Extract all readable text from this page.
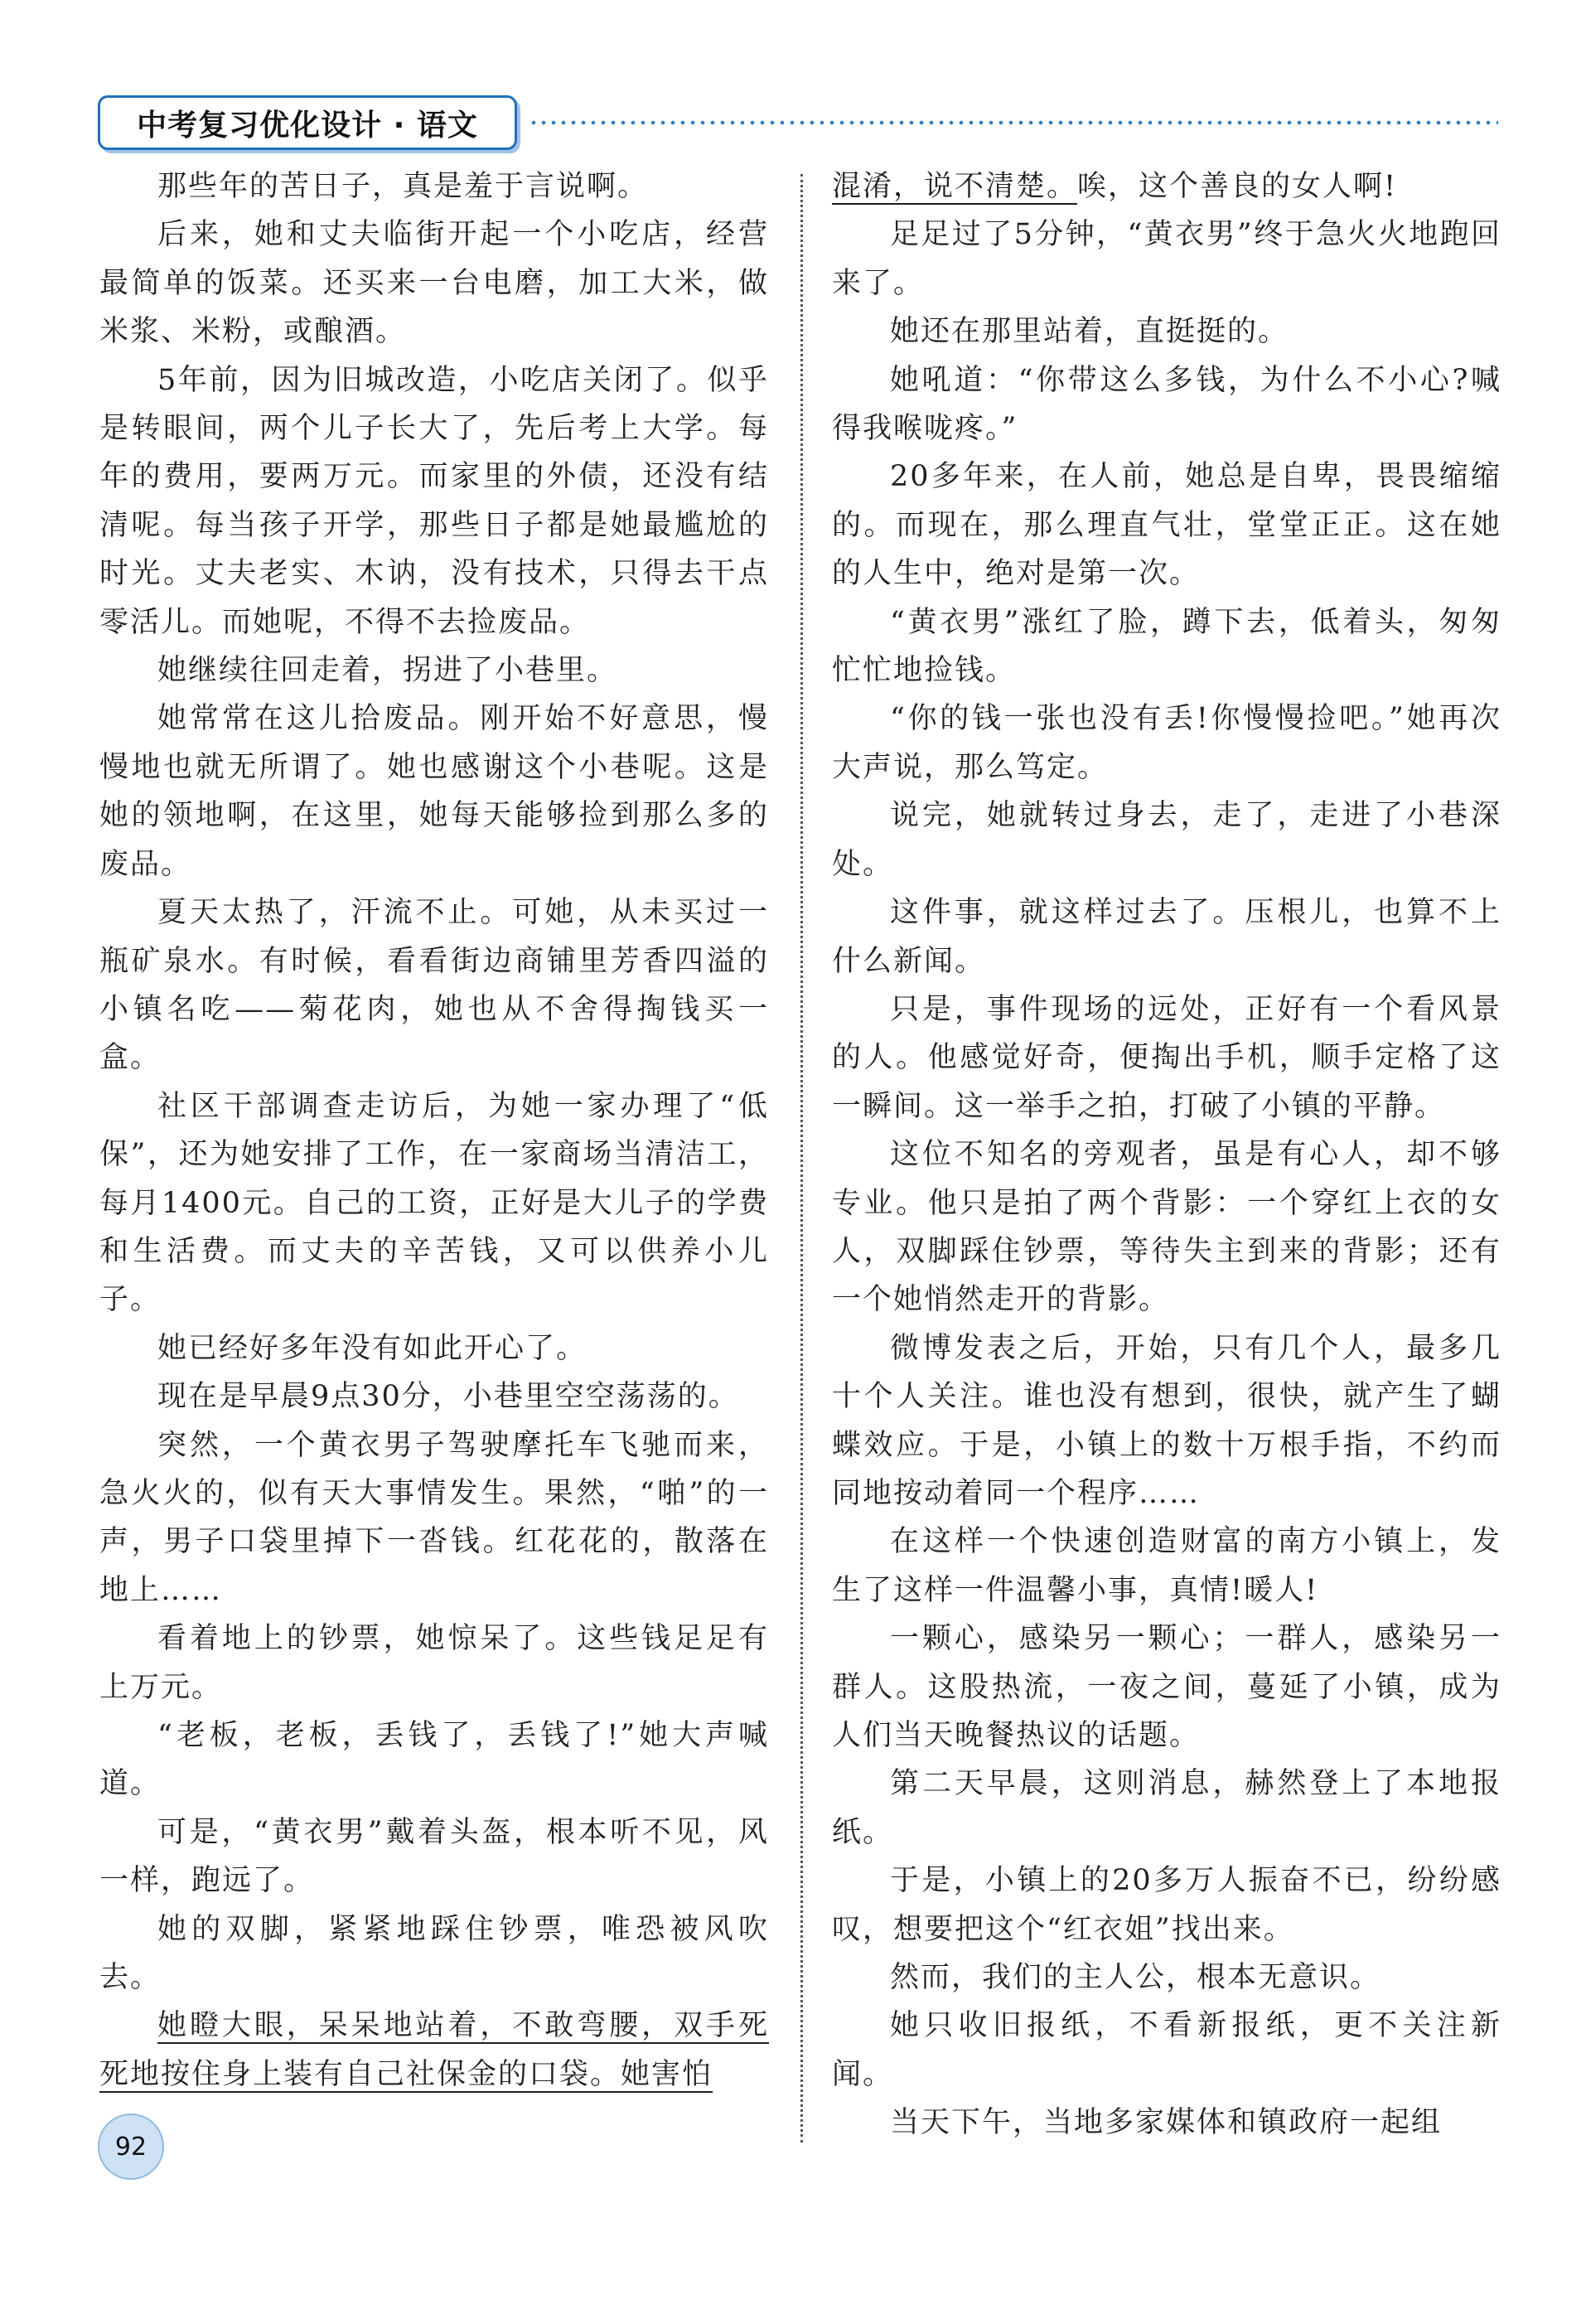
中考复习优化设计 · 语文

那些年的苦日子，真是羞于言说啊。

后来，她和丈夫临街开起一个小吃店，经营最简单的饭菜。还买来一台电磨，加工大米，做米浆、米粉，或酿酒。

5年前，因为旧城改造，小吃店关闭了。似乎是转眼间，两个儿子长大了，先后考上大学。每年的费用，要两万元。而家里的外债，还没有结清呢。每当孩子开学，那些日子都是她最尴尬的时光。丈夫老实、木讷，没有技术，只得去干点零活儿。而她呢，不得不去捡废品。

她继续往回走着，拐进了小巷里。

她常常在这儿拾废品。刚开始不好意思，慢慢地也就无所谓了。她也感谢这个小巷呢。这是她的领地啊，在这里，她每天能够捡到那么多的废品。

夏天太热了，汗流不止。可她，从未买过一瓶矿泉水。有时候，看看街边商铺里芳香四溢的小镇名吃——菊花肉，她也从不舍得掏钱买一盒。

社区干部调查走访后，为她一家办理了“低保”，还为她安排了工作，在一家商场当清洁工，每月1400元。自己的工资，正好是大儿子的学费和生活费。而丈夫的辛苦钱，又可以供养小儿子。

她已经好多年没有如此开心了。

现在是早晨9点30分，小巷里空空荡荡的。

突然，一个黄衣男子驾驶摩托车飞驰而来，急火火的，似有天大事情发生。果然，“啪”的一声，男子口袋里掉下一沓钱。红花花的，散落在地上……

看着地上的钞票，她惊呆了。这些钱足足有上万元。

“老板，老板，丢钱了，丢钱了!”她大声喊道。

可是，“黄衣男”戴着头盔，根本听不见，风一样，跑远了。

她的双脚，紧紧地踩住钞票，唯恐被风吹去。

她瞪大眼，呆呆地站着，不敢弯腰，双手死死地按住身上装有自己社保金的口袋。她害怕

混淆，说不清楚。唉，这个善良的女人啊!

足足过了5分钟，“黄衣男”终于急火火地跑回来了。

她还在那里站着，直挺挺的。

她吼道：“你带这么多钱，为什么不小心?喊得我喉咙疼。”

20多年来，在人前，她总是自卑，畏畏缩缩的。而现在，那么理直气壮，堂堂正正。这在她的人生中，绝对是第一次。

“黄衣男”涨红了脸，蹲下去，低着头，匆匆忙忙地捡钱。

“你的钱一张也没有丢!你慢慢捡吧。”她再次大声说，那么笃定。

说完，她就转过身去，走了，走进了小巷深处。

这件事，就这样过去了。压根儿，也算不上什么新闻。

只是，事件现场的远处，正好有一个看风景的人。他感觉好奇，便掏出手机，顺手定格了这一瞬间。这一举手之拍，打破了小镇的平静。

这位不知名的旁观者，虽是有心人，却不够专业。他只是拍了两个背影：一个穿红上衣的女人，双脚踩住钞票，等待失主到来的背影；还有一个她悄然走开的背影。

微博发表之后，开始，只有几个人，最多几十个人关注。谁也没有想到，很快，就产生了蝴蝶效应。于是，小镇上的数十万根手指，不约而同地按动着同一个程序……

在这样一个快速创造财富的南方小镇上，发生了这样一件温馨小事，真情!暖人!

一颗心，感染另一颗心；一群人，感染另一群人。这股热流，一夜之间，蔓延了小镇，成为人们当天晚餐热议的话题。

第二天早晨，这则消息，赫然登上了本地报纸。

于是，小镇上的20多万人振奋不已，纷纷感叹，想要把这个“红衣姐”找出来。

然而，我们的主人公，根本无意识。

她只收旧报纸，不看新报纸，更不关注新闻。

当天下午，当地多家媒体和镇政府一起组

92
